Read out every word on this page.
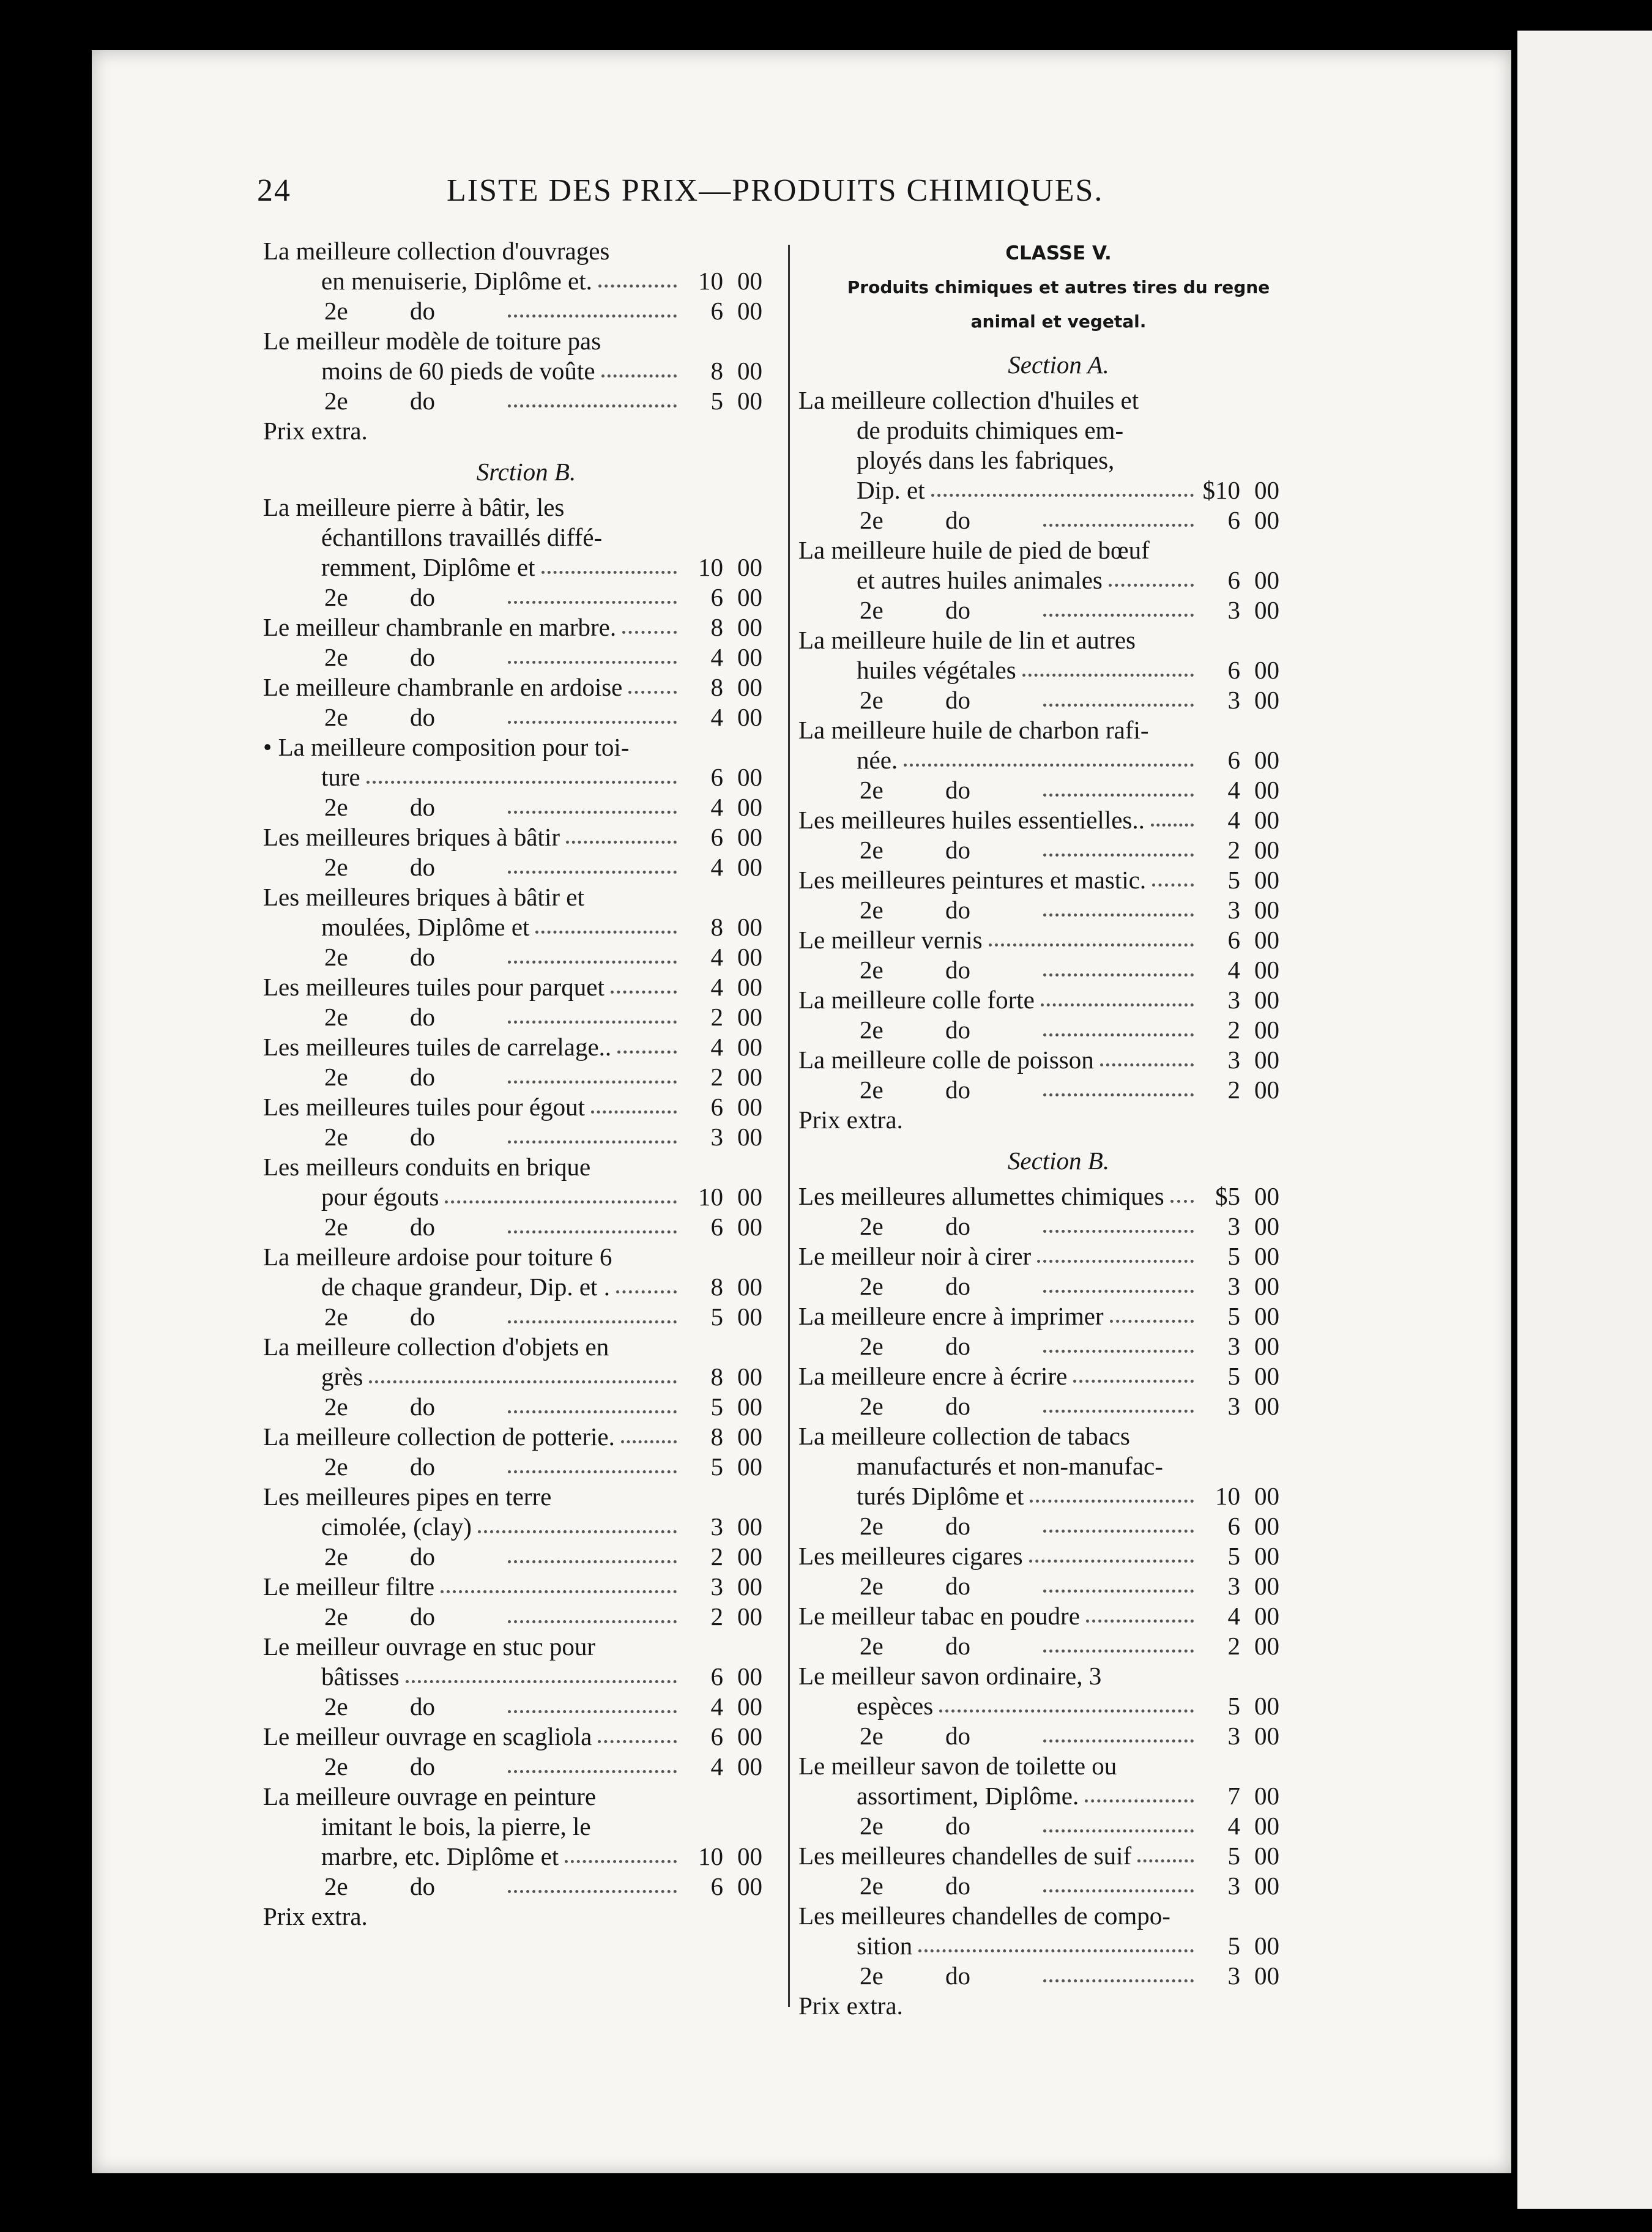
24	LISTE DES PRIX—PRODUITS CHIMIQUES.
La meilleure collection d'ouvrages
en menuiserie, Diplôme et.	10 00
2e do	6 00
Le meilleur modèle de toiture pas
moins de 60 pieds de voûte	8 00
2e do	5 00
Prix extra.
Srction B.
La meilleure pierre à bâtir, les
échantillons travaillés diffé-
remment, Diplôme et	10 00
2e do	6 00
Le meilleur chambranle en marbre.	8 00
2e do	4 00
Le meilleure chambranle en ardoise	8 00
2e do	4 00
• La meilleure composition pour toi-
ture	6 00
2e do	4 00
Les meilleures briques à bâtir	6 00
2e do	4 00
Les meilleures briques à bâtir et
moulées, Diplôme et	8 00
2e do	4 00
Les meilleures tuiles pour parquet	4 00
2e do	2 00
Les meilleures tuiles de carrelage..	4 00
2e do	2 00
Les meilleures tuiles pour égout	6 00
2e do	3 00
Les meilleurs conduits en brique
pour égouts	10 00
2e do	6 00
La meilleure ardoise pour toiture 6
de chaque grandeur, Dip. et .	8 00
2e do	5 00
La meilleure collection d'objets en
grès	8 00
2e do	5 00
La meilleure collection de potterie.	8 00
2e do	5 00
Les meilleures pipes en terre
cimolée, (clay)	3 00
2e do	2 00
Le meilleur filtre	3 00
2e do	2 00
Le meilleur ouvrage en stuc pour
bâtisses	6 00
2e do	4 00
Le meilleur ouvrage en scagliola	6 00
2e do	4 00
La meilleure ouvrage en peinture
imitant le bois, la pierre, le
marbre, etc. Diplôme et	10 00
2e do	6 00
Prix extra.
CLASSE V.
Produits chimiques et autres tires du regne
animal et vegetal.
Section A.
La meilleure collection d'huiles et
de produits chimiques em-
ployés dans les fabriques,
Dip. et	$10 00
2e do	6 00
La meilleure huile de pied de bœuf
et autres huiles animales	6 00
2e do	3 00
La meilleure huile de lin et autres
huiles végétales	6 00
2e do	3 00
La meilleure huile de charbon rafi-
née.	6 00
2e do	4 00
Les meilleures huiles essentielles..	4 00
2e do	2 00
Les meilleures peintures et mastic.	5 00
2e do	3 00
Le meilleur vernis	6 00
2e do	4 00
La meilleure colle forte	3 00
2e do	2 00
La meilleure colle de poisson	3 00
2e do	2 00
Prix extra.
Section B.
Les meilleures allumettes chimiques	$5 00
2e do	3 00
Le meilleur noir à cirer	5 00
2e do	3 00
La meilleure encre à imprimer	5 00
2e do	3 00
La meilleure encre à écrire	5 00
2e do	3 00
La meilleure collection de tabacs
manufacturés et non-manufac-
turés Diplôme et	10 00
2e do	6 00
Les meilleures cigares	5 00
2e do	3 00
Le meilleur tabac en poudre	4 00
2e do	2 00
Le meilleur savon ordinaire, 3
espèces	5 00
2e do	3 00
Le meilleur savon de toilette ou
assortiment, Diplôme.	7 00
2e do	4 00
Les meilleures chandelles de suif	5 00
2e do	3 00
Les meilleures chandelles de compo-
sition	5 00
2e do	3 00
Prix extra.
